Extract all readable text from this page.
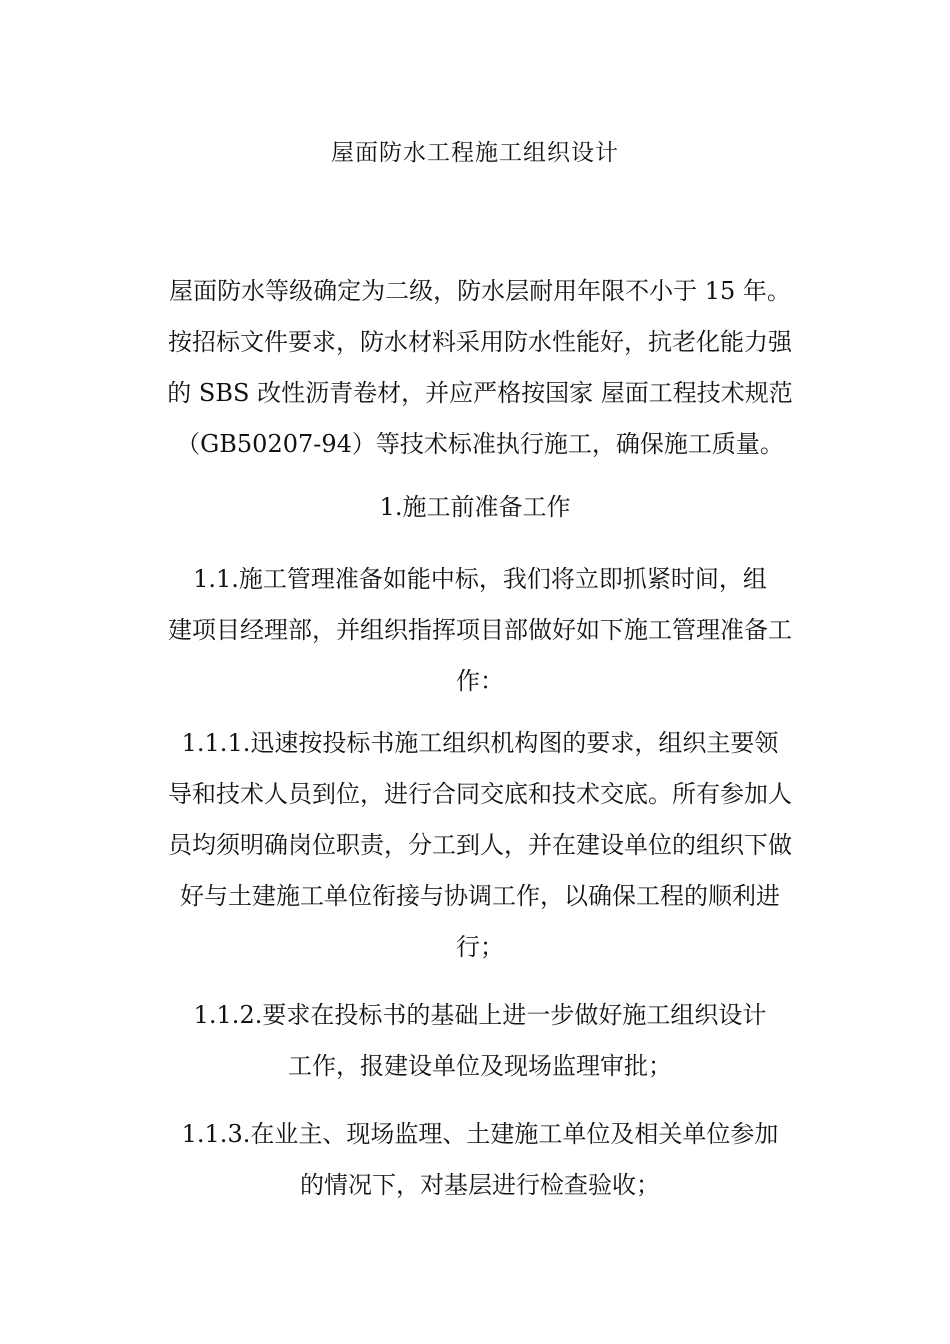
屋面防水工程施工组织设计
屋面防水等级确定为二级，防水层耐用年限不小于 15 年。
按招标文件要求，防水材料采用防水性能好，抗老化能力强
的 SBS 改性沥青卷材，并应严格按国家 屋面工程技术规范
（GB50207-94）等技术标准执行施工，确保施工质量。
1.施工前准备工作
1.1.施工管理准备如能中标，我们将立即抓紧时间，组
建项目经理部，并组织指挥项目部做好如下施工管理准备工
作：
1.1.1.迅速按投标书施工组织机构图的要求，组织主要领
导和技术人员到位，进行合同交底和技术交底。所有参加人
员均须明确岗位职责，分工到人，并在建设单位的组织下做
好与土建施工单位衔接与协调工作，以确保工程的顺利进
行；
1.1.2.要求在投标书的基础上进一步做好施工组织设计
工作，报建设单位及现场监理审批；
1.1.3.在业主、现场监理、土建施工单位及相关单位参加
的情况下，对基层进行检查验收；
